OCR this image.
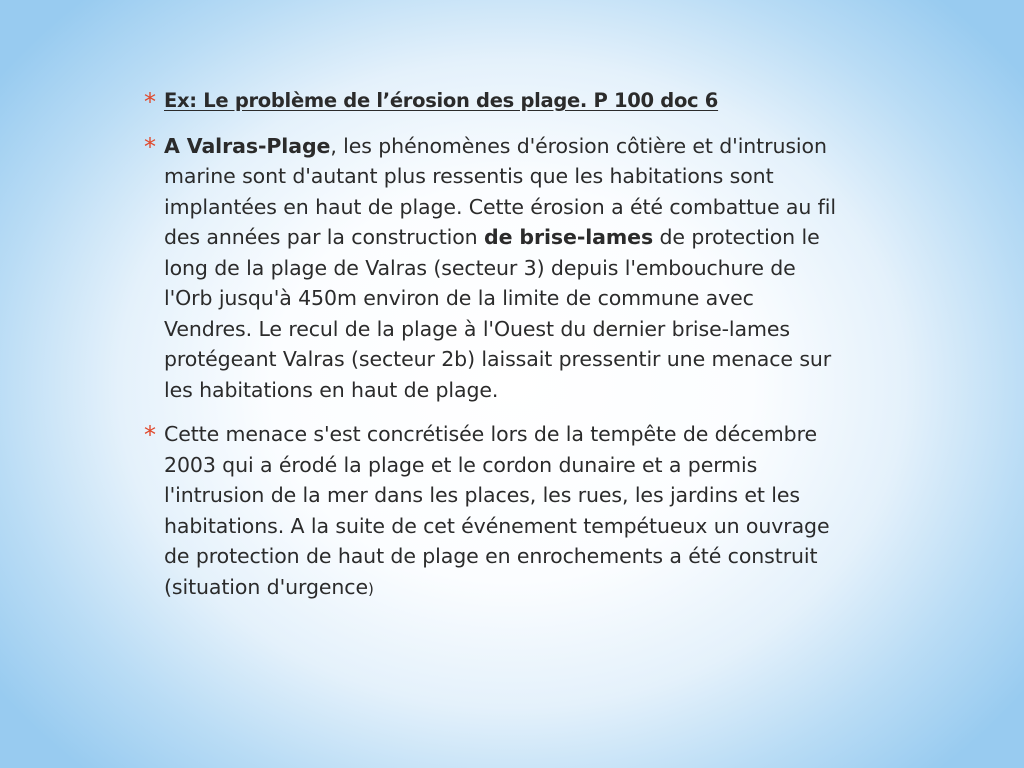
* Ex: Le problème de l’érosion des plage. P 100 doc 6
* A Valras-Plage, les phénomènes d'érosion côtière et d'intrusion marine sont d'autant plus ressentis que les habitations sont implantées en haut de plage. Cette érosion a été combattue au fil des années par la construction de brise-lames de protection le long de la plage de Valras (secteur 3) depuis l'embouchure de l'Orb jusqu'à 450m environ de la limite de commune avec Vendres. Le recul de la plage à l'Ouest du dernier brise-lames protégeant Valras (secteur 2b) laissait pressentir une menace sur les habitations en haut de plage.
* Cette menace s'est concrétisée lors de la tempête de décembre 2003 qui a érodé la plage et le cordon dunaire et a permis l'intrusion de la mer dans les places, les rues, les jardins et les habitations. A la suite de cet événement tempétueux un ouvrage de protection de haut de plage en enrochements a été construit (situation d'urgence)
